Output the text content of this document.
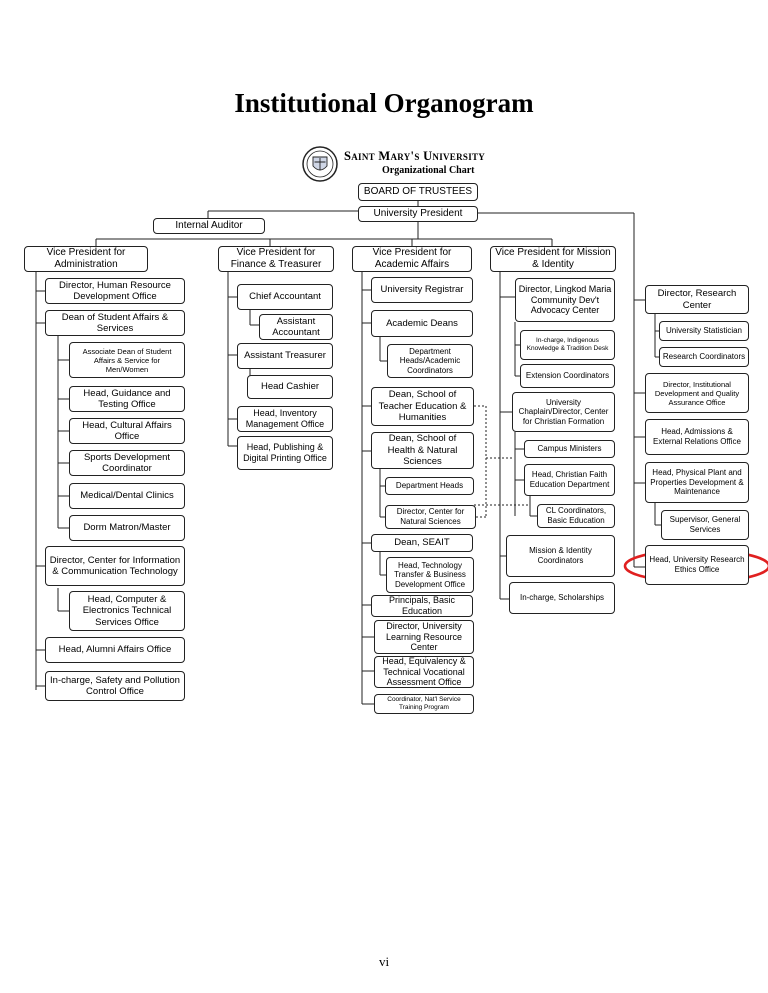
Institutional Organogram
Saint Mary's University
Organizational Chart
BOARD OF TRUSTEES
Internal Auditor
University President
Vice President for Administration
Vice President for Finance & Treasurer
Vice President for Academic Affairs
Vice President for Mission & Identity
Director, Human Resource Development Office
Dean of Student Affairs & Services
Associate Dean of Student Affairs & Service for Men/Women
Head, Guidance and Testing Office
Head, Cultural Affairs Office
Sports Development Coordinator
Medical/Dental Clinics
Dorm Matron/Master
Director, Center for Information & Communication Technology
Head, Computer & Electronics Technical Services Office
Head, Alumni Affairs Office
In-charge, Safety and Pollution Control Office
Chief Accountant
Assistant Accountant
Assistant Treasurer
Head Cashier
Head, Inventory Management Office
Head, Publishing & Digital Printing Office
University Registrar
Academic Deans
Department Heads/Academic Coordinators
Dean, School of Teacher Education & Humanities
Dean, School of Health & Natural Sciences
Department Heads
Director, Center for Natural Sciences
Dean, SEAIT
Head, Technology Transfer & Business Development Office
Principals, Basic Education
Director, University Learning Resource Center
Head, Equivalency & Technical Vocational Assessment Office
Coordinator, Nat'l Service Training Program
Director, Lingkod Maria Community Dev't Advocacy Center
In-charge, Indigenous Knowledge & Tradition Desk
Extension Coordinators
University Chaplain/Director, Center for Christian Formation
Campus Ministers
Head, Christian Faith Education Department
CL Coordinators, Basic Education
Mission & Identity Coordinators
In-charge, Scholarships
Director, Research Center
University Statistician
Research Coordinators
Director, Institutional Development and Quality Assurance Office
Head, Admissions & External Relations Office
Head, Physical Plant and Properties Development & Maintenance
Supervisor, General Services
Head, University Research Ethics Office
vi
